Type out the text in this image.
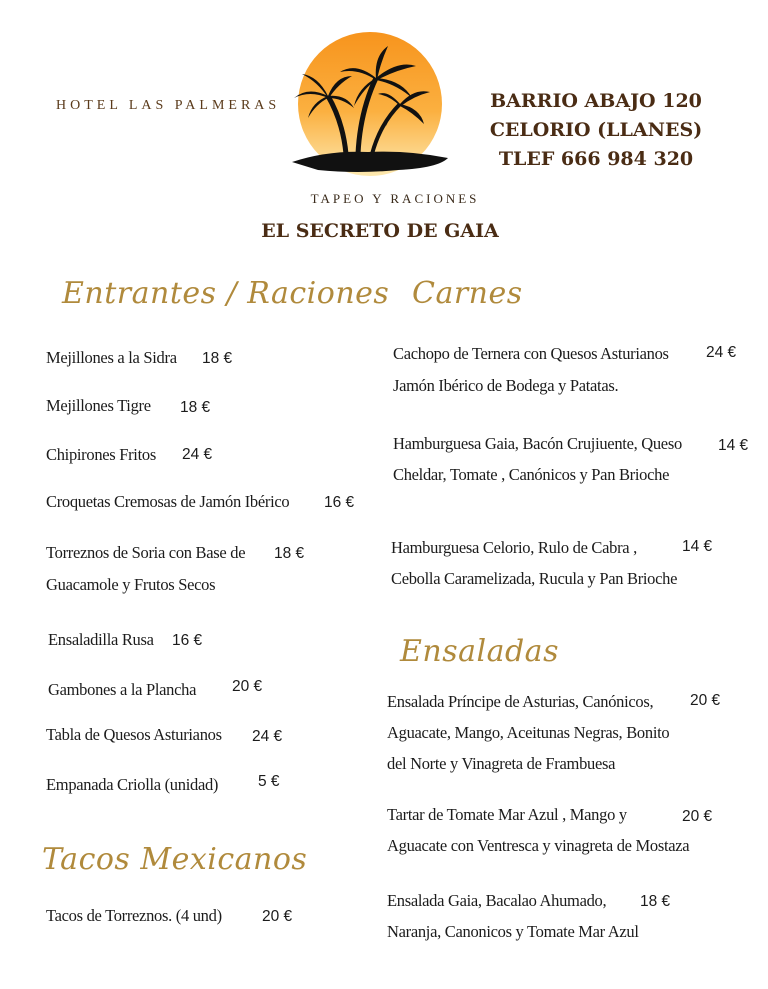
HOTEL LAS PALMERAS	BARRIO ABAJO 120
CELORIO (LLANES)
TLEF 666 984 320
TAPEO Y RACIONES
EL SECRETO DE GAIA
Entrantes / Raciones
Mejillones a la Sidra 18 €
Mejillones Tigre 18 €
Chipirones Fritos 24 €
Croquetas Cremosas de Jamón Ibérico 16 €
Torreznos de Soria con Base de 18 €
Guacamole y Frutos Secos
Ensaladilla Rusa 16 €
Gambones a la Plancha 20 €
Tabla de Quesos Asturianos 24 €
Empanada Criolla (unidad)	5 €
Tacos Mexicanos
Tacos de Torreznos. (4 und)	20 €
Carnes
Cachopo de Ternera con Quesos Asturianos 24 €
Jamón Ibérico de Bodega y Patatas.
Hamburguesa Gaia, Bacón Crujiuente, Queso 14 €
Cheldar, Tomate , Canónicos y Pan Brioche
Hamburguesa Celorio, Rulo de Cabra ,	14 €
Cebolla Caramelizada, Rucula y Pan Brioche
Ensaladas
Ensalada Príncipe de Asturias, Canónicos, 20 €
Aguacate, Mango, Aceitunas Negras, Bonito
del Norte y Vinagreta de Frambuesa
Tartar de Tomate Mar Azul , Mango y	20 €
Aguacate con Ventresca y vinagreta de Mostaza
Ensalada Gaia, Bacalao Ahumado, 18 €
Naranja, Canonicos y Tomate Mar Azul
